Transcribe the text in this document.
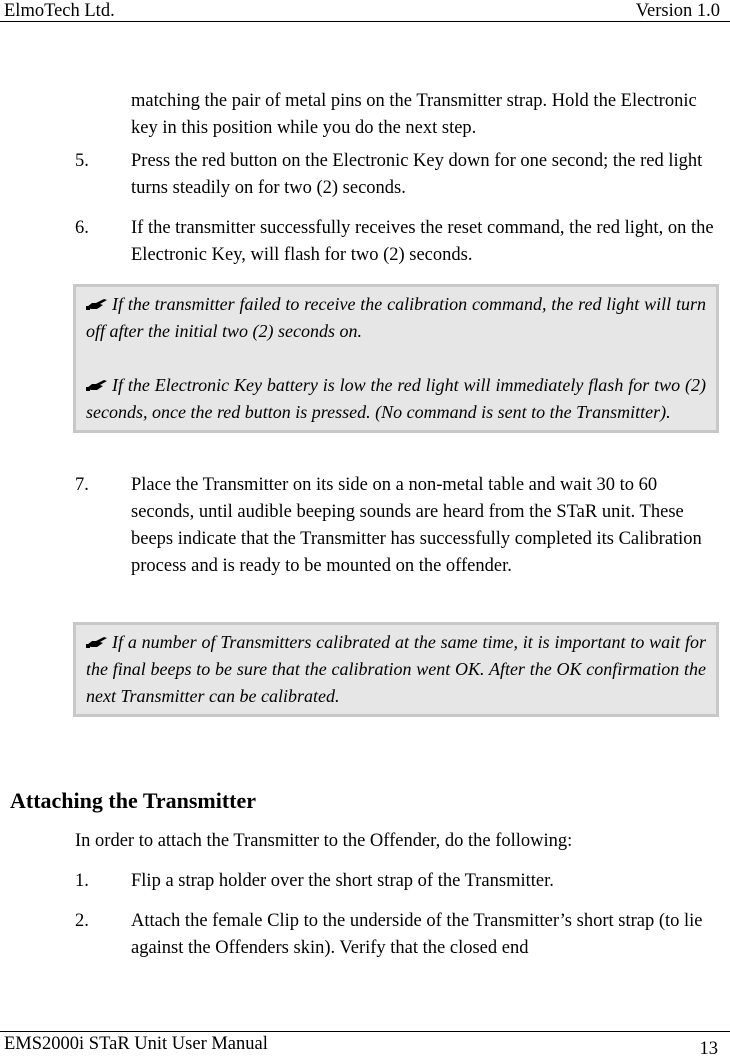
ElmoTech Ltd.	Version 1.0
matching the pair of metal pins on the Transmitter strap. Hold the Electronic key in this position while you do the next step.
5. Press the red button on the Electronic Key down for one second; the red light turns steadily on for two (2) seconds.
6. If the transmitter successfully receives the reset command, the red light, on the Electronic Key, will flash for two (2) seconds.

If the transmitter failed to receive the calibration command, the red light will turn off after the initial two (2) seconds on.

If the Electronic Key battery is low the red light will immediately flash for two (2) seconds, once the red button is pressed. (No command is sent to the Transmitter).

7. Place the Transmitter on its side on a non-metal table and wait 30 to 60 seconds, until audible beeping sounds are heard from the STaR unit. These beeps indicate that the Transmitter has successfully completed its Calibration process and is ready to be mounted on the offender.

If a number of Transmitters calibrated at the same time, it is important to wait for the final beeps to be sure that the calibration went OK. After the OK confirmation the next Transmitter can be calibrated.

Attaching the Transmitter
In order to attach the Transmitter to the Offender, do the following:
1. Flip a strap holder over the short strap of the Transmitter.
2. Attach the female Clip to the underside of the Transmitter’s short strap (to lie against the Offenders skin). Verify that the closed end
EMS2000i STaR Unit User Manual	13
